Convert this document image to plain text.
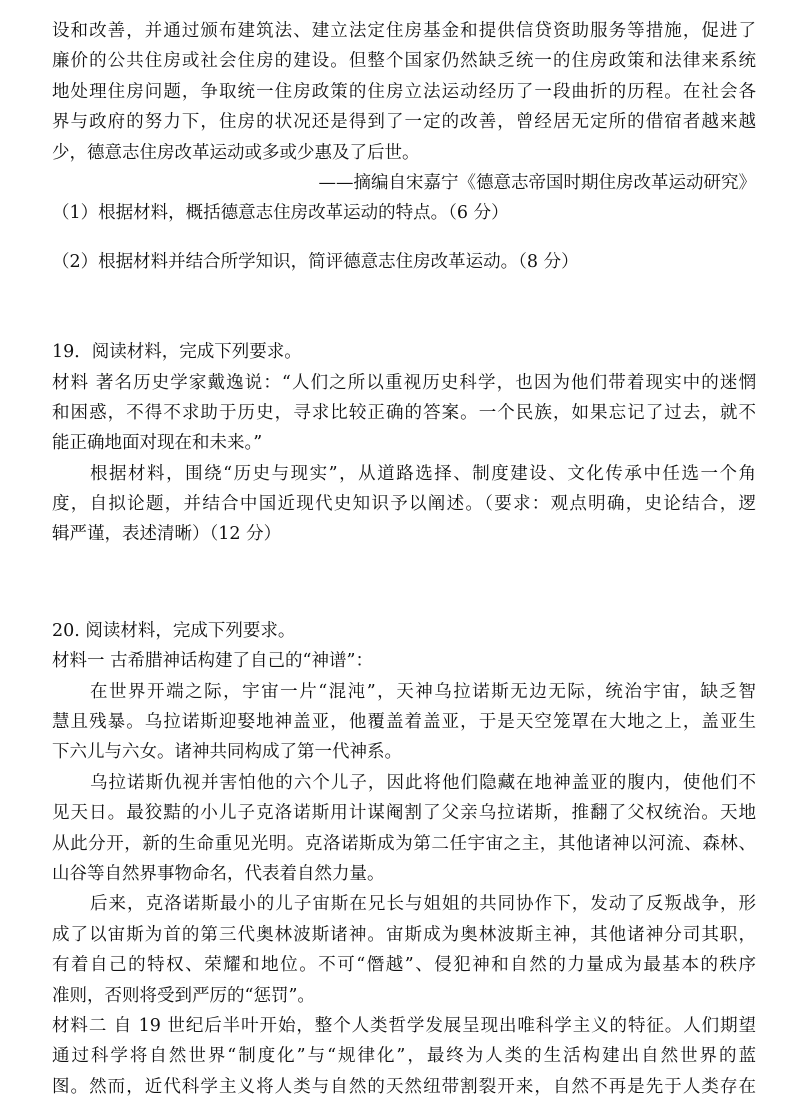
设和改善，并通过颁布建筑法、建立法定住房基金和提供信贷资助服务等措施，促进了
廉价的公共住房或社会住房的建设。但整个国家仍然缺乏统一的住房政策和法律来系统
地处理住房问题，争取统一住房政策的住房立法运动经历了一段曲折的历程。在社会各
界与政府的努力下，住房的状况还是得到了一定的改善，曾经居无定所的借宿者越来越
少，德意志住房改革运动或多或少惠及了后世。
——摘编自宋嘉宁《德意志帝国时期住房改革运动研究》
（1）根据材料，概括德意志住房改革运动的特点。（6 分）
（2）根据材料并结合所学知识，简评德意志住房改革运动。（8 分）
19．阅读材料，完成下列要求。
材料 著名历史学家戴逸说：“人们之所以重视历史科学，也因为他们带着现实中的迷惘
和困惑，不得不求助于历史，寻求比较正确的答案。一个民族，如果忘记了过去，就不
能正确地面对现在和未来。”
根据材料，围绕“历史与现实”，从道路选择、制度建设、文化传承中任选一个角
度，自拟论题，并结合中国近现代史知识予以阐述。（要求：观点明确，史论结合，逻
辑严谨，表述清晰）（12 分）
20. 阅读材料，完成下列要求。
材料一 古希腊神话构建了自己的“神谱”：
在世界开端之际，宇宙一片“混沌”，天神乌拉诺斯无边无际，统治宇宙，缺乏智
慧且残暴。乌拉诺斯迎娶地神盖亚，他覆盖着盖亚，于是天空笼罩在大地之上，盖亚生
下六儿与六女。诸神共同构成了第一代神系。
乌拉诺斯仇视并害怕他的六个儿子，因此将他们隐藏在地神盖亚的腹内，使他们不
见天日。最狡黠的小儿子克洛诺斯用计谋阉割了父亲乌拉诺斯，推翻了父权统治。天地
从此分开，新的生命重见光明。克洛诺斯成为第二任宇宙之主，其他诸神以河流、森林、
山谷等自然界事物命名，代表着自然力量。
后来，克洛诺斯最小的儿子宙斯在兄长与姐姐的共同协作下，发动了反叛战争，形
成了以宙斯为首的第三代奥林波斯诸神。宙斯成为奥林波斯主神，其他诸神分司其职，
有着自己的特权、荣耀和地位。不可“僭越”、侵犯神和自然的力量成为最基本的秩序
准则，否则将受到严厉的“惩罚”。
材料二 自 19 世纪后半叶开始，整个人类哲学发展呈现出唯科学主义的特征。人们期望
通过科学将自然世界“制度化”与“规律化”，最终为人类的生活构建出自然世界的蓝
图。然而，近代科学主义将人类与自然的天然纽带割裂开来，自然不再是先于人类存在
